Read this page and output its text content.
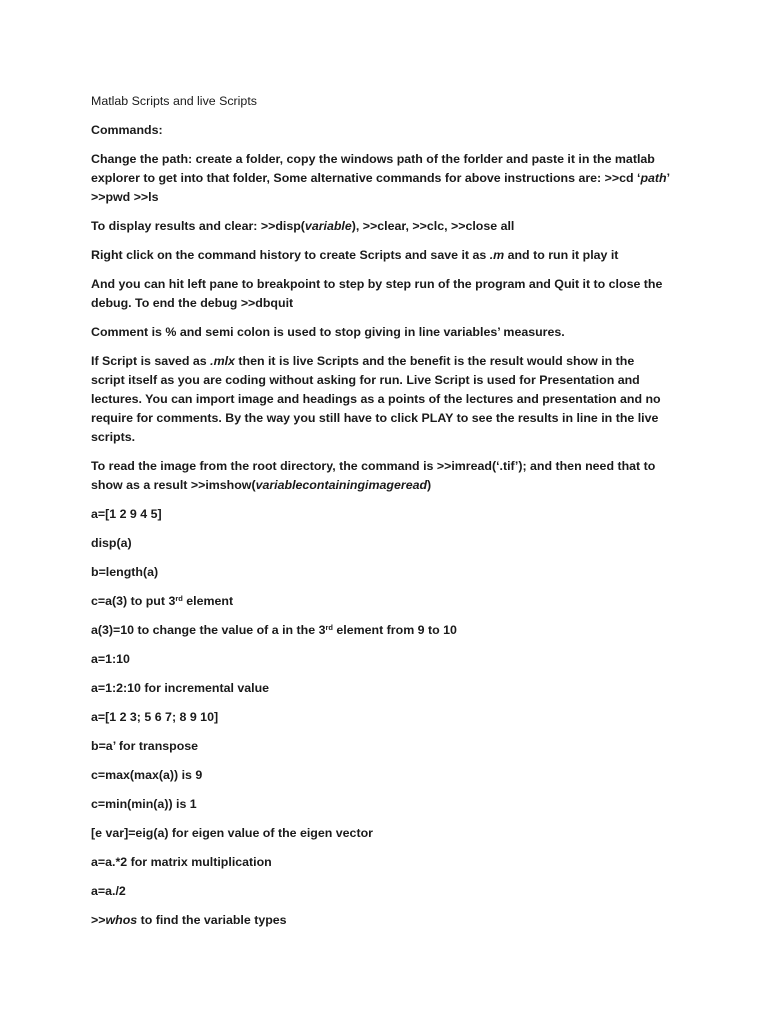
Matlab Scripts and live Scripts

Commands:

Change the path: create a folder, copy the windows path of the forlder and paste it in the matlab explorer to get into that folder, Some alternative commands for above instructions are: >>cd ‘path’ >>pwd >>ls

To display results and clear: >>disp(variable), >>clear, >>clc, >>close all

Right click on the command history to create Scripts and save it as .m and to run it play it

And you can hit left pane to breakpoint to step by step run of the program and Quit it to close the debug. To end the debug >>dbquit

Comment is % and semi colon is used to stop giving in line variables’ measures.

If Script is saved as .mlx then it is live Scripts and the benefit is the result would show in the script itself as you are coding without asking for run. Live Script is used for Presentation and lectures. You can import image and headings as a points of the lectures and presentation and no require for comments. By the way you still have to click PLAY to see the results in line in the live scripts.

To read the image from the root directory, the command is >>imread(‘.tif’); and then need that to show as a result >>imshow(variablecontainingimageread)

a=[1 2 9 4 5]

disp(a)

b=length(a)

c=a(3) to put 3rd element

a(3)=10 to change the value of a in the 3rd element from 9 to 10

a=1:10

a=1:2:10 for incremental value

a=[1 2 3; 5 6 7; 8 9 10]

b=a’ for transpose

c=max(max(a)) is 9

c=min(min(a)) is 1

[e var]=eig(a) for eigen value of the eigen vector

a=a.*2 for matrix multiplication

a=a./2

>>whos to find the variable types
